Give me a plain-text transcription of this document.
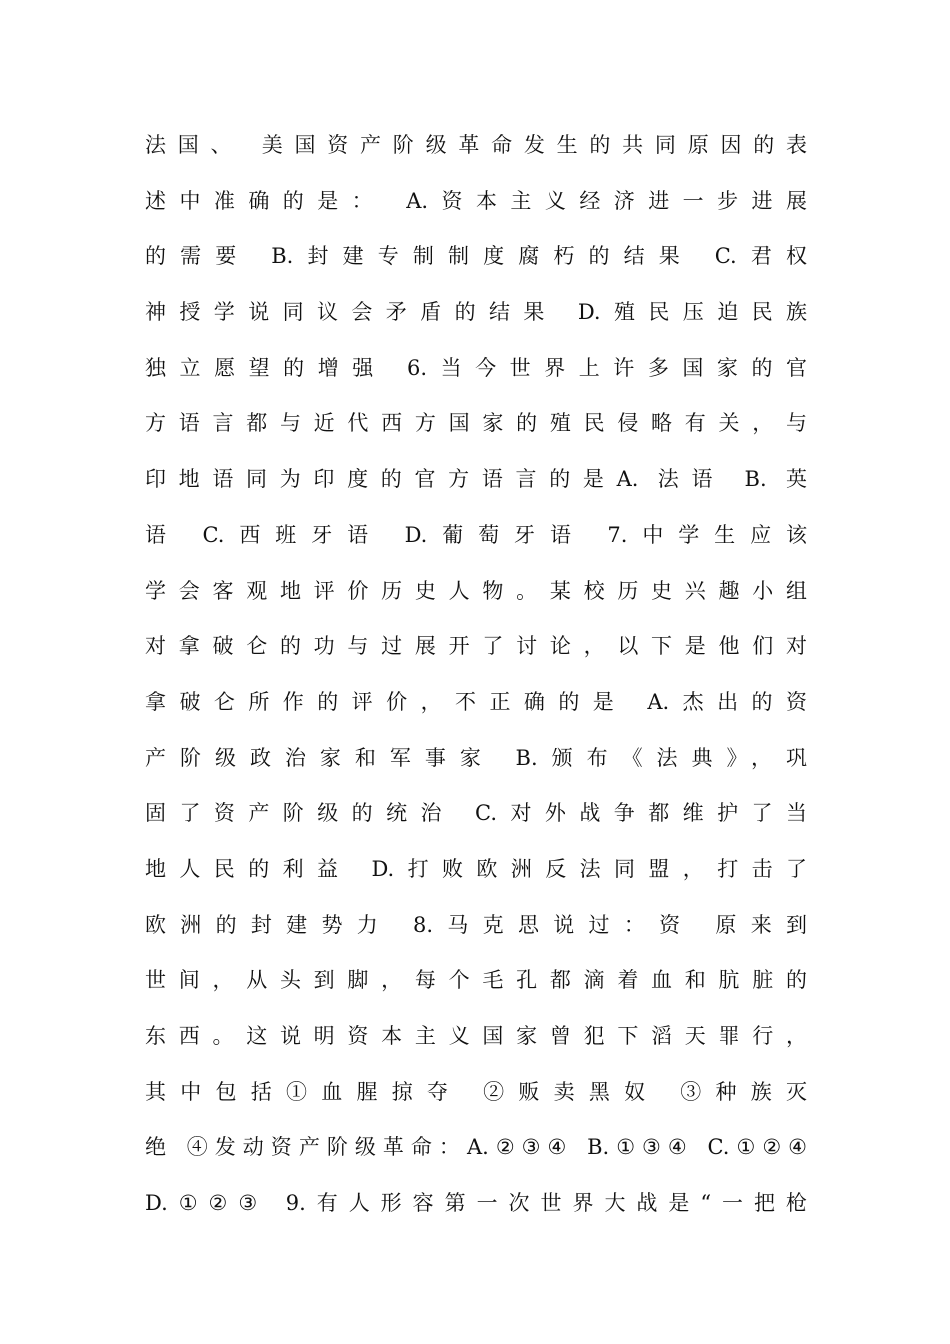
法国、 美国资产阶级革命发生的共同原因的表
述中准确的是： A.资本主义经济进一步进展
的需要 B.封建专制制度腐朽的结果 C.君权
神授学说同议会矛盾的结果 D.殖民压迫民族
独立愿望的增强 6.当今世界上许多国家的官
方语言都与近代西方国家的殖民侵略有关，与
印地语同为印度的官方语言的是A. 法语 B. 英
语 C.西班牙语 D.葡萄牙语 7.中学生应该
学会客观地评价历史人物。某校历史兴趣小组
对拿破仑的功与过展开了讨论，以下是他们对
拿破仑所作的评价，不正确的是 A.杰出的资
产阶级政治家和军事家 B.颁布《法典》，巩
固了资产阶级的统治 C.对外战争都维护了当
地人民的利益 D.打败欧洲反法同盟，打击了
欧洲的封建势力 8.马克思说过：资 原来到
世间，从头到脚，每个毛孔都滴着血和肮脏的
东西。这说明资本主义国家曾犯下滔天罪行，
其中包括①血腥掠夺 ②贩卖黑奴 ③种族灭
绝 ④发动资产阶级革命：A.②③④ B.①③④ C.①②④
D.①②③ 9.有人形容第一次世界大战是“一把枪
